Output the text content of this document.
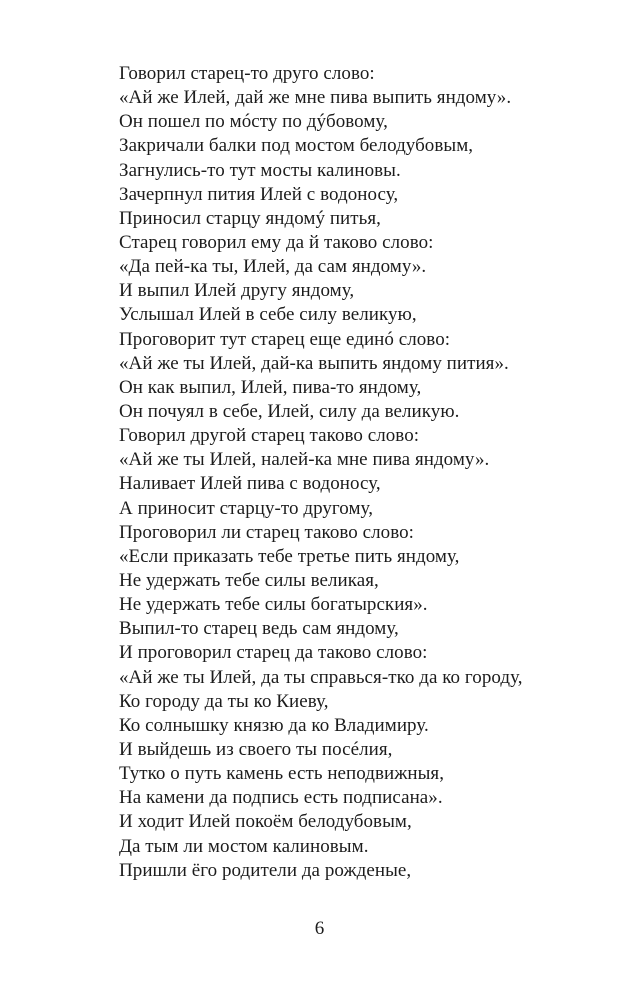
Говорил старец-то друго слово:
«Ай же Илей, дай же мне пива выпить яндому».
Он пошел по мóсту по дýбовому,
Закричали балки под мостом белодубовым,
Загнулись-то тут мосты калиновы.
Зачерпнул пития Илей с водоносу,
Приносил старцу яндомý питья,
Старец говорил ему да й таково слово:
«Да пей-ка ты, Илей, да сам яндому».
И выпил Илей другу яндому,
Услышал Илей в себе силу великую,
Проговорит тут старец еще единó слово:
«Ай же ты Илей, дай-ка выпить яндому пития».
Он как выпил, Илей, пива-то яндому,
Он почуял в себе, Илей, силу да великую.
Говорил другой старец таково слово:
«Ай же ты Илей, налей-ка мне пива яндому».
Наливает Илей пива с водоносу,
А приносит старцу-то другому,
Проговорил ли старец таково слово:
«Если приказать тебе третье пить яндому,
Не удержать тебе силы великая,
Не удержать тебе силы богатырския».
Выпил-то старец ведь сам яндому,
И проговорил старец да таково слово:
«Ай же ты Илей, да ты справься-тко да ко городу,
Ко городу да ты ко Киеву,
Ко солнышку князю да ко Владимиру.
И выйдешь из своего ты посéлия,
Тутко о путь камень есть неподвижныя,
На камени да подпись есть подписана».
И ходит Илей покоём белодубовым,
Да тым ли мостом калиновым.
Пришли ёго родители да рожденые,
6
